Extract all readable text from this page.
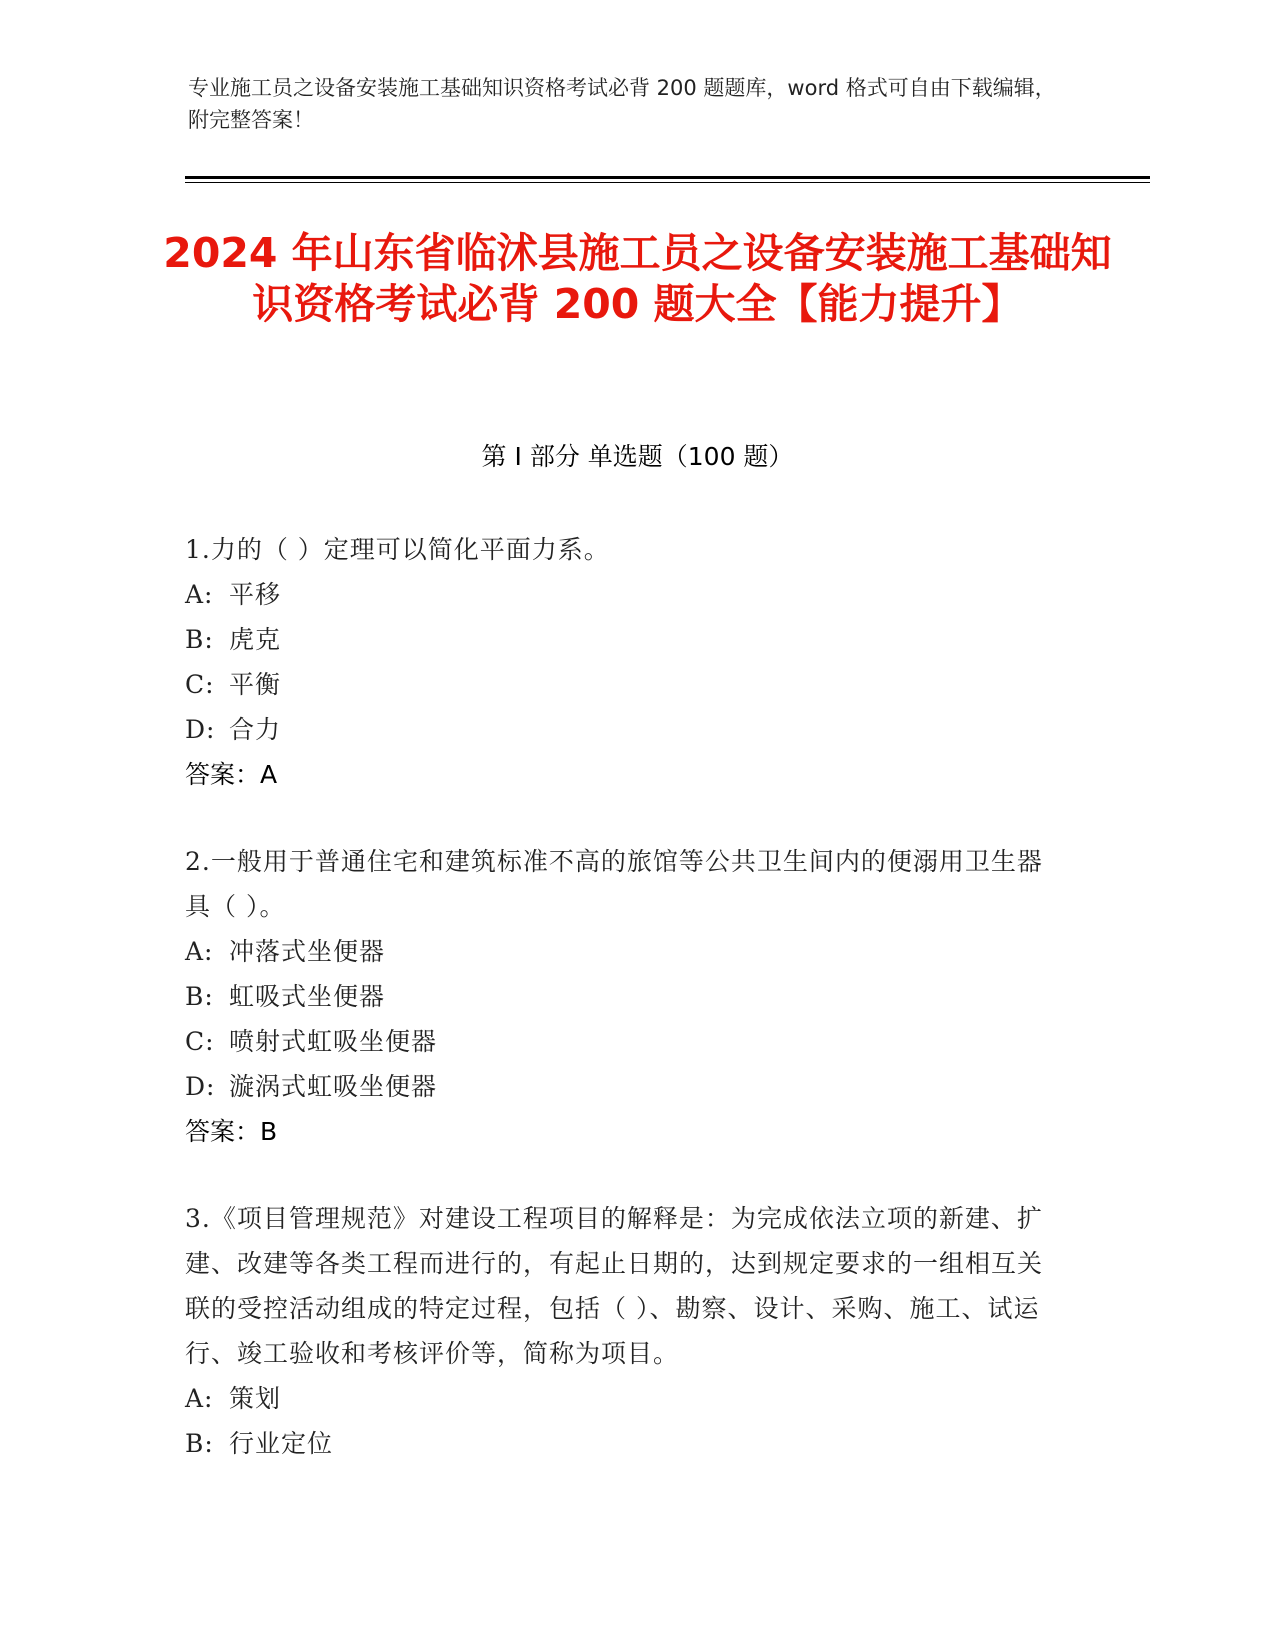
专业施工员之设备安装施工基础知识资格考试必背 200 题题库，word 格式可自由下载编辑，附完整答案！
2024 年山东省临沭县施工员之设备安装施工基础知识资格考试必背 200 题大全【能力提升】
第 I 部分 单选题（100 题）
1.力的（ ）定理可以简化平面力系。
A: 平移
B: 虎克
C: 平衡
D: 合力
答案：A
2.一般用于普通住宅和建筑标准不高的旅馆等公共卫生间内的便溺用卫生器具（ ）。
A: 冲落式坐便器
B: 虹吸式坐便器
C: 喷射式虹吸坐便器
D: 漩涡式虹吸坐便器
答案：B
3.《项目管理规范》对建设工程项目的解释是：为完成依法立项的新建、扩建、改建等各类工程而进行的，有起止日期的，达到规定要求的一组相互关联的受控活动组成的特定过程，包括（ ）、勘察、设计、采购、施工、试运行、竣工验收和考核评价等，简称为项目。
A: 策划
B: 行业定位
